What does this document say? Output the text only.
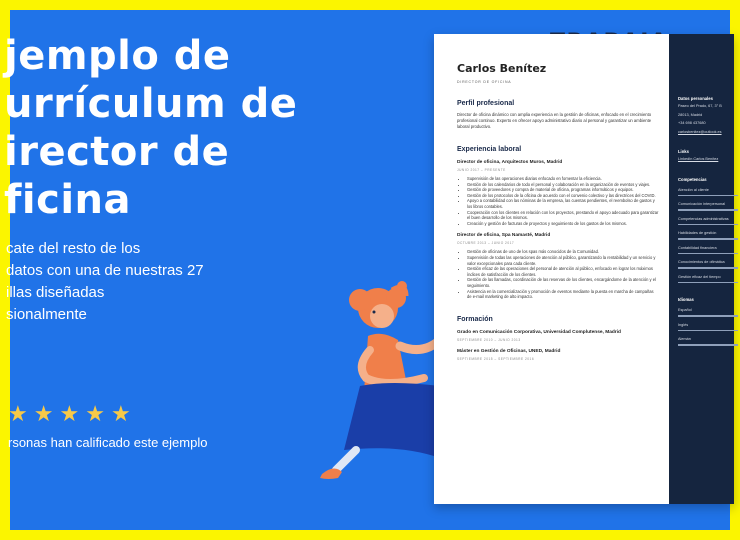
jemplo de
urrículum de
irector de
ficina
cate del resto de los
datos con una de nuestras 27
illas diseñadas
sionalmente
★ ★ ★ ★ ★
rsonas han calificado este ejemplo
Carlos Benítez
DIRECTOR DE OFICINA
Perfil profesional
Director de oficina dinámico con amplia experiencia en la gestión de oficinas, enfocado en el crecimiento profesional continuo. Experto en ofrecer apoyo administrativo diario al personal y garantizar un ambiente laboral productivo.
Experiencia laboral
Director de oficina, Arquitectos Muros, Madrid
JUNIO 2017 – PRESENTE
• Supervisión de las operaciones diarias enfocado en fomentar la eficiencia.
• Gestión de los calendarios de todo el personal y colaboración en la organización de eventos y viajes.
• Gestión de proveedores y compra de material de oficina, programas informáticos y equipos.
• Gestión de los protocolos de la oficina de acuerdo con el convenio colectivo y las directrices del COVID.
• Apoyo a contabilidad con las nóminas de la empresa, las cuentas pendientes, el reembolso de gastos y los libros contables.
• Cooperación con los clientes en relación con los proyectos, prestando el apoyo adecuado para garantizar el buen desarrollo de los mismos.
• Creación y gestión de facturas de proyectos y seguimiento de los gastos de los mismos.
Director de oficina, Spa Namasté, Madrid
OCTUBRE 2013 – JUNIO 2017
• Gestión de oficinas de uno de los spas más conocidos de la Comunidad.
• Supervisión de todas las operaciones de atención al público, garantizando la rentabilidad y un servicio y valor excepcionales para cada cliente.
• Gestión eficaz de las operaciones del personal de atención al público, enfocado en lograr los máximos índices de satisfacción de los clientes.
• Gestión de las llamadas, coordinación de las reservas de los clientes, encargándome de la atención y el seguimiento.
• Asistencia en la comercialización y promoción de eventos mediante la puesta en marcha de campañas de e-mail marketing de alto impacto.
Formación
Grado en Comunicación Corporativa, Universidad Complutense, Madrid
SEPTIEMBRE 2010 – JUNIO 2013
Máster en Gestión de Oficinas, UNED, Madrid
SEPTIEMBRE 2015 – SEPTIEMBRE 2016
Datos personales
Paseo del Prado, 67, 3° B
28013, Madrid
+34 698 437680
carlosbenitez@outlook.es
Links
LinkedIn Carlos Benítez
Competencias
Atención al cliente
Comunicación interpersonal
Competencias administrativas
Habilidades de gestión
Contabilidad financiera
Conocimientos de ofimática
Gestión eficaz del tiempo
Idiomas
Español
Inglés
Alemán
